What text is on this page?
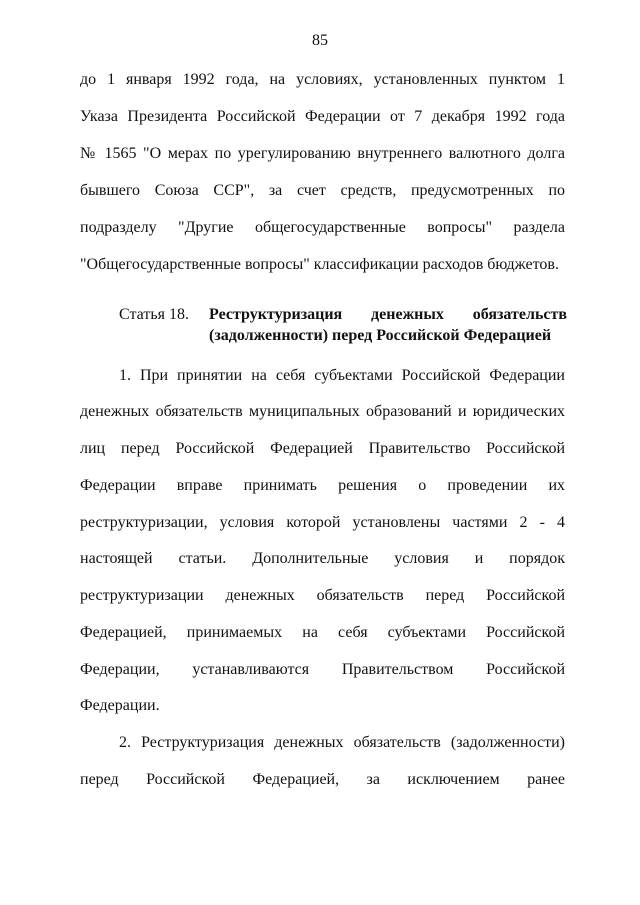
85
до 1 января 1992 года, на условиях, установленных пунктом 1
Указа Президента Российской Федерации от 7 декабря 1992 года
№ 1565 "О мерах по урегулированию внутреннего валютного долга
бывшего Союза ССР", за счет средств, предусмотренных по
подразделу "Другие общегосударственные вопросы" раздела
"Общегосударственные вопросы" классификации расходов бюджетов.
Статья 18. Реструктуризация денежных обязательств
(задолженности) перед Российской Федерацией
1. При принятии на себя субъектами Российской Федерации
денежных обязательств муниципальных образований и юридических
лиц перед Российской Федерацией Правительство Российской
Федерации вправе принимать решения о проведении их
реструктуризации, условия которой установлены частями 2 - 4
настоящей статьи. Дополнительные условия и порядок
реструктуризации денежных обязательств перед Российской
Федерацией, принимаемых на себя субъектами Российской
Федерации, устанавливаются Правительством Российской
Федерации.
2. Реструктуризация денежных обязательств (задолженности)
перед Российской Федерацией, за исключением ранее
